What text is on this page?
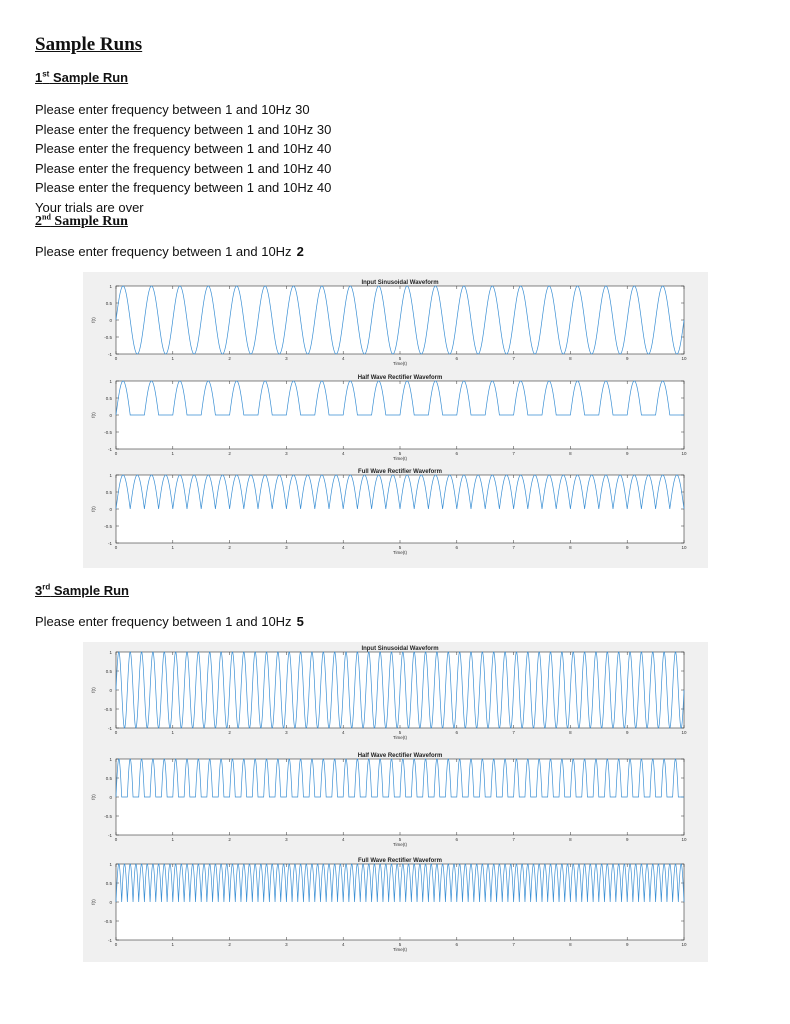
Sample Runs
1st Sample Run
Please enter frequency between 1 and 10Hz 30
Please enter the frequency between 1 and 10Hz 30
Please enter the frequency between 1 and 10Hz 40
Please enter the frequency between 1 and 10Hz 40
Please enter the frequency between 1 and 10Hz 40
Your trials are over
2nd Sample Run

Please enter frequency between 1 and 10Hz 2

Input Sinusoidal Waveform
1
0.5
0
-0.5
-1
0	1	2	3	4	5	6	7	8	9	10
Time(t)
f(t)
Half Wave Rectifier Waveform
1
0.5
0
-0.5
-1
0	1	2	3	4	5	6	7	8	9	10
Time(t)
f(t)
Full Wave Rectifier Waveform
1
0.5
0
-0.5
-1
0	1	2	3	4	5	6	7	8	9	10
Time(t)
f(t)
3rd Sample Run

Please enter frequency between 1 and 10Hz 5

Input Sinusoidal Waveform
1
0.5
0
-0.5
-1
0	1	2	3	4	5	6	7	8	9	10
Time(t)
f(t)
Half Wave Rectifier Waveform
1
0.5
0
-0.5
-1
0	1	2	3	4	5	6	7	8	9	10
Time(t)
f(t)
Full Wave Rectifier Waveform
1
0.5
0
-0.5
-1
0	1	2	3	4	5	6	7	8	9	10
Time(t)
f(t)
